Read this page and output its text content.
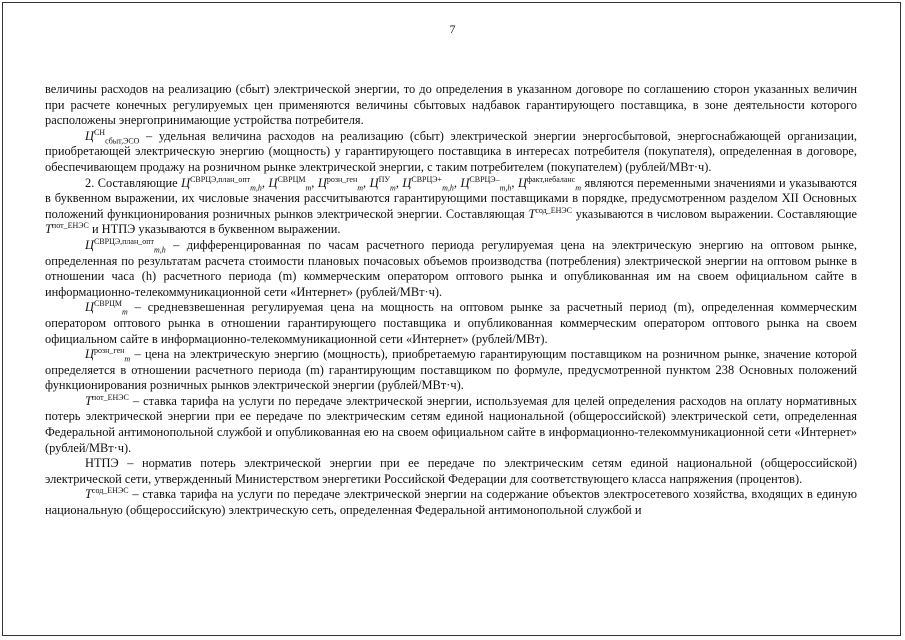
7

величины расходов на реализацию (сбыт) электрической энергии, то до определения в указанном договоре по соглашению сторон указанных величин при расчете конечных регулируемых цен применяются величины сбытовых надбавок гарантирующего поставщика, в зоне деятельности которого расположены энергопринимающие устройства потребителя.

$Ц^{СН}_{сбыт,ЭСО}$ – удельная величина расходов на реализацию (сбыт) электрической энергии энергосбытовой, энергоснабжающей организации, приобретающей электрическую энергию (мощность) у гарантирующего поставщика в интересах потребителя (покупателя), определенная в договоре, обеспечивающем продажу на розничном рынке электрической энергии, с таким потребителем (покупателем) (рублей/МВт·ч).

2. Составляющие $Ц^{СВРЦЭ,план\_опт}_{m,h}$, $Ц^{СВРЦМ}_m$, $Ц^{розн\_ген}_m$, $Ц^{ПУ}_m$, $Ц^{СВРЦЭ+}_{m,h}$, $Ц^{СВРЦЭ-}_{m,h}$, $Ц^{факт,небаланс}_m$ являются переменными значениями и указываются в буквенном выражении, их числовые значения рассчитываются гарантирующими поставщиками в порядке, предусмотренном разделом XII Основных положений функционирования розничных рынков электрической энергии. Составляющая $Т^{сод\_ЕНЭС}$ указываются в числовом выражении. Составляющие $Т^{пот\_ЕНЭС}$ и НТПЭ указываются в буквенном выражении.

$Ц^{СВРЦЭ,план\_опт}_{m,h}$ – дифференцированная по часам расчетного периода регулируемая цена на электрическую энергию на оптовом рынке, определенная по результатам расчета стоимости плановых почасовых объемов производства (потребления) электрической энергии на оптовом рынке в отношении часа (h) расчетного периода (m) коммерческим оператором оптового рынка и опубликованная им на своем официальном сайте в информационно-телекоммуникационной сети «Интернет» (рублей/МВт·ч).

$Ц^{СВРЦМ}_m$ – средневзвешенная регулируемая цена на мощность на оптовом рынке за расчетный период (m), определенная коммерческим оператором оптового рынка в отношении гарантирующего поставщика и опубликованная коммерческим оператором оптового рынка на своем официальном сайте в информационно-телекоммуникационной сети «Интернет» (рублей/МВт).

$Ц^{розн\_ген}_m$ – цена на электрическую энергию (мощность), приобретаемую гарантирующим поставщиком на розничном рынке, значение которой определяется в отношении расчетного периода (m) гарантирующим поставщиком по формуле, предусмотренной пунктом 238 Основных положений функционирования розничных рынков электрической энергии (рублей/МВт·ч).

$Т^{пот\_ЕНЭС}$ – ставка тарифа на услуги по передаче электрической энергии, используемая для целей определения расходов на оплату нормативных потерь электрической энергии при ее передаче по электрическим сетям единой национальной (общероссийской) электрической сети, определенная Федеральной антимонопольной службой и опубликованная ею на своем официальном сайте в информационно-телекоммуникационной сети «Интернет» (рублей/МВт·ч).

НТПЭ – норматив потерь электрической энергии при ее передаче по электрическим сетям единой национальной (общероссийской) электрической сети, утвержденный Министерством энергетики Российской Федерации для соответствующего класса напряжения (процентов).

$Т^{сод\_ЕНЭС}$ – ставка тарифа на услуги по передаче электрической энергии на содержание объектов электросетевого хозяйства, входящих в единую национальную (общероссийскую) электрическую сеть, определенная Федеральной антимонопольной службой и
